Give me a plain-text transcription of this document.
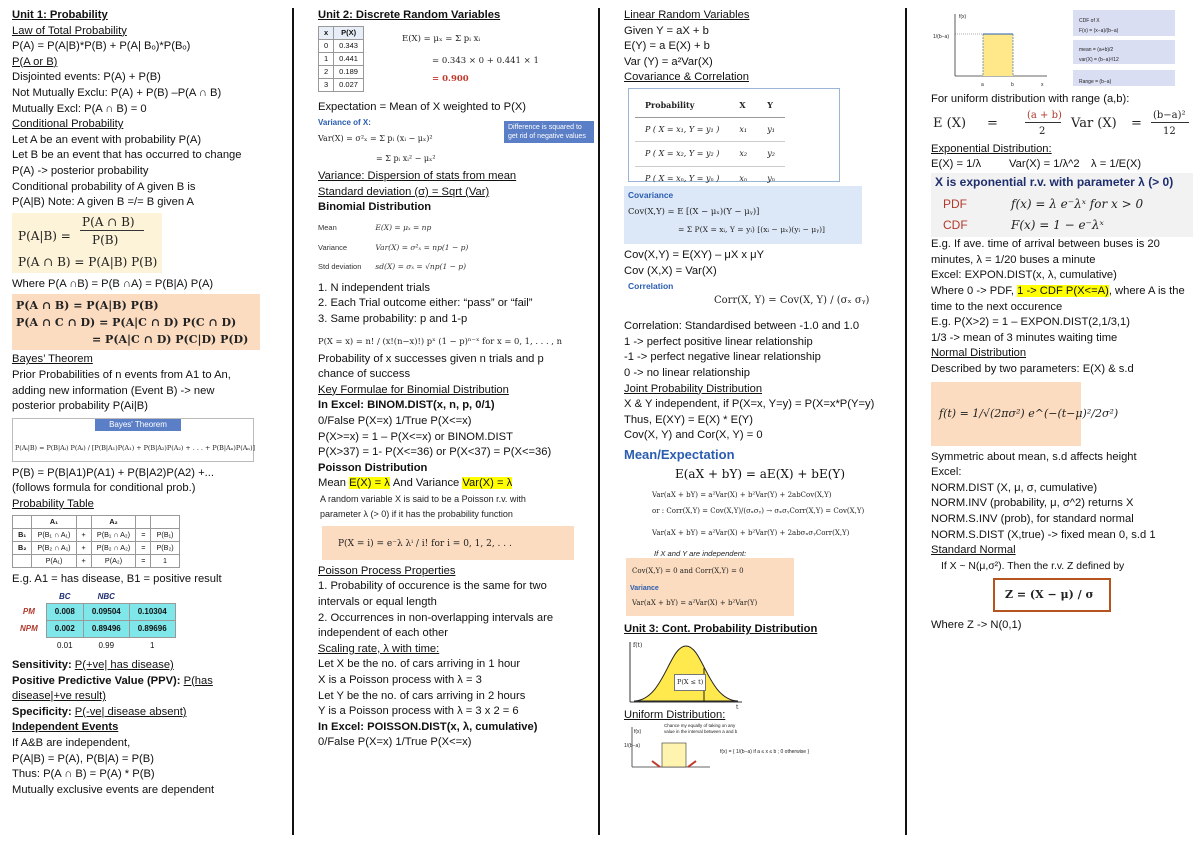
Unit 1: Probability
Law of Total Probability
P(A) = P(A|B)*P(B) + P(A| Bₒ)*P(Bₒ)
P(A or B)
Disjointed events: P(A) + P(B)
Not Mutually Exclu: P(A) + P(B) –P(A ∩ B)
Mutually Excl: P(A ∩ B) = 0
Conditional Probability
Let A be an event with probability P(A)
Let B be an event that has occurred to change
P(A) -> posterior probability
Conditional probability of A given B is
P(A|B) Note: A given B =/= B given A
P(A|B) =
P(A ∩ B)
P(B)
P(A ∩ B) = P(A|B) P(B)
Where P(A ∩B) = P(B ∩A) = P(B|A) P(A)
P(A ∩ B) = P(A|B) P(B)
P(A ∩ C ∩ D) = P(A|C ∩ D) P(C ∩ D)
= P(A|C ∩ D) P(C|D) P(D)
Bayes’ Theorem
Prior Probabilities of n events from A1 to An,
adding new information (Event B) -> new
posterior probability P(Ai|B)
Bayes' Theorem
P(Aᵢ|B) = P(B|Aᵢ) P(Aᵢ) / [P(B|A₁)P(A₁) + P(B|A₂)P(A₂) + . . . + P(B|Aₙ)P(Aₙ)]
P(B) = P(B|A1)P(A1) + P(B|A2)P(A2) +...
(follows formula for conditional prob.)
Probability Table
	A₁		A₂		
B₁	P(B₁ ∩ A₁)	+	P(B₁ ∩ A₂)	=	P(B₁)
B₂	P(B₂ ∩ A₁)	+	P(B₂ ∩ A₂)	=	P(B₂)
	P(A₁)	+	P(A₂)	=	1
E.g. A1 = has disease, B1 = positive result
	BC	NBC	
PM	0.008	0.09504	0.10304
NPM	0.002	0.89496	0.89696
	0.01	0.99	1
Sensitivity: P(+ve| has disease)
Positive Predictive Value (PPV): P(has
disease|+ve result)
Specificity: P(-ve| disease absent)
Independent Events
If A&B are independent,
P(A|B) = P(A), P(B|A) = P(B)
Thus: P(A ∩ B) = P(A) * P(B)
Mutually exclusive events are dependent
Unit 2: Discrete Random Variables
x	P(X)
0	0.343
1	0.441
2	0.189
3	0.027
E(X) = μₓ = Σ pᵢ xᵢ
= 0.343 × 0 + 0.441 × 1
= 0.900
Expectation = Mean of X weighted to P(X)
Variance of X:
Var(X) = σ²ₓ = Σ pᵢ (xᵢ − μₓ)²
= Σ pᵢ xᵢ² − μₓ²
Difference is squared to get rid of negative values
Variance: Dispersion of stats from mean
Standard deviation (σ) = Sqrt (Var)
Binomial Distribution
Mean	E(X) = μₓ = np
Variance	Var(X) = σ²ₓ = np(1 − p)
Std deviation	sd(X) = σₓ = √np(1 − p)
1. N independent trials
2. Each Trial outcome either: “pass” or “fail”
3. Same probability: p and 1-p
P(X = x) = n! / (x!(n−x)!) pˣ (1 − p)ⁿ⁻ˣ for x = 0, 1, . . . , n
Probability of x successes given n trials and p
chance of success
Key Formulae for Binomial Distribution
In Excel: BINOM.DIST(x, n, p, 0/1)
0/False P(X=x) 1/True P(X<=x)
P(X>=x) = 1 – P(X<=x) or BINOM.DIST
P(X>37) = 1- P(X<=36) or P(X<37) = P(X<=36)
Poisson Distribution
Mean E(X) = λ And Variance Var(X) = λ
A random variable X is said to be a Poisson r.v. with
parameter λ (> 0) if it has the probability function
P(X = i) = e⁻λ λⁱ / i! for i = 0, 1, 2, . . .
Poisson Process Properties
1. Probability of occurence is the same for two
intervals or equal length
2. Occurrences in non-overlapping intervals are
independent of each other
Scaling rate, λ with time:
Let X be the no. of cars arriving in 1 hour
X is a Poisson process with λ = 3
Let Y be the no. of cars arriving in 2 hours
Y is a Poisson process with λ = 3 x 2 = 6
In Excel: POISSON.DIST(x, λ, cumulative)
0/False P(X=x) 1/True P(X<=x)
Linear Random Variables
Given Y = aX + b
E(Y) = a E(X) + b
Var (Y) = a²Var(X)
Covariance & Correlation
Probability	X	Y
P ( X = x₁, Y = y₁ )	x₁	y₁
P ( X = x₂, Y = y₂ )	x₂	y₂
P ( X = xₙ, Y = yₙ )	xₙ	yₙ
Covariance
Cov(X,Y) = E [(X − μₓ)(Y − μᵧ)]
= Σ P(X = xᵢ, Y = yᵢ) [(xᵢ − μₓ)(yᵢ − μᵧ)]
Cov(X,Y) = E(XY) – μX x μY
Cov (X,X) = Var(X)
Correlation
Corr(X, Y) = Cov(X, Y) / (σₓ σᵧ)
Correlation: Standardised between -1.0 and 1.0
1 -> perfect positive linear relationship
-1 -> perfect negative linear relationship
0 -> no linear relationship
Joint Probability Distribution
X & Y independent, if P(X=x, Y=y) = P(X=x*P(Y=y)
Thus, E(XY) = E(X) * E(Y)
Cov(X, Y) and Cor(X, Y) = 0
Mean/Expectation
E(aX + bY) = aE(X) + bE(Y)
Var(aX + bY) = a²Var(X) + b²Var(Y) + 2abCov(X,Y)
or : Corr(X,Y) = Cov(X,Y)/(σₓσᵧ) → σₓσᵧCorr(X,Y) = Cov(X,Y)
Var(aX + bY) = a²Var(X) + b²Var(Y) + 2abσₓσᵧCorr(X,Y)
If X and Y are independent:
Cov(X,Y) = 0 and Corr(X,Y) = 0
Variance
Var(aX + bY) = a²Var(X) + b²Var(Y)
Unit 3: Cont. Probability Distribution
P(X ≤ t)
f(t)
t
Uniform Distribution:
f(x)
1/(b−a)
Chance my equally of taking on any value in the interval between a and b
f(x) = { 1/(b−a) if a ≤ x ≤ b ; 0 otherwise }
f(x)
1/(b−a)
a	b	x
CDF of X
F(x) = (x−a)/(b−a)
mean = (a+b)/2
var(X) = (b−a)²/12
Range = (b−a)
For uniform distribution with range (a,b):
E (X) =
(a + b)
2
Var (X) =
(b−a)²
12
Exponential Distribution:
E(X) = 1/λ Var(X) = 1/λ^2 λ = 1/E(X)
X is exponential r.v. with parameter λ (> 0)
PDF	f(x) = λ e⁻λˣ for x > 0
CDF	F(x) = 1 − e⁻λˣ
E.g. If ave. time of arrival between buses is 20
minutes, λ = 1/20 buses a minute
Excel: EXPON.DIST(x, λ, cumulative)
Where 0 -> PDF, 1 -> CDF P(X<=A), where A is the
time to the next occurence
E.g. P(X>2) = 1 – EXPON.DIST(2,1/3,1)
1/3 -> mean of 3 minutes waiting time
Normal Distribution
Described by two parameters: E(X) & s.d
f(t) = 1/√(2πσ²) e^(−(t−μ)²/2σ²)
Symmetric about mean, s.d affects height
Excel:
NORM.DIST (X, μ, σ, cumulative)
NORM.INV (probability, μ, σ^2) returns X
NORM.S.INV (prob), for standard normal
NORM.S.DIST (X,true) -> fixed mean 0, s.d 1
Standard Normal
If X ~ N(μ,σ²). Then the r.v. Z defined by
Z = (X − μ) / σ
Where Z -> N(0,1)
